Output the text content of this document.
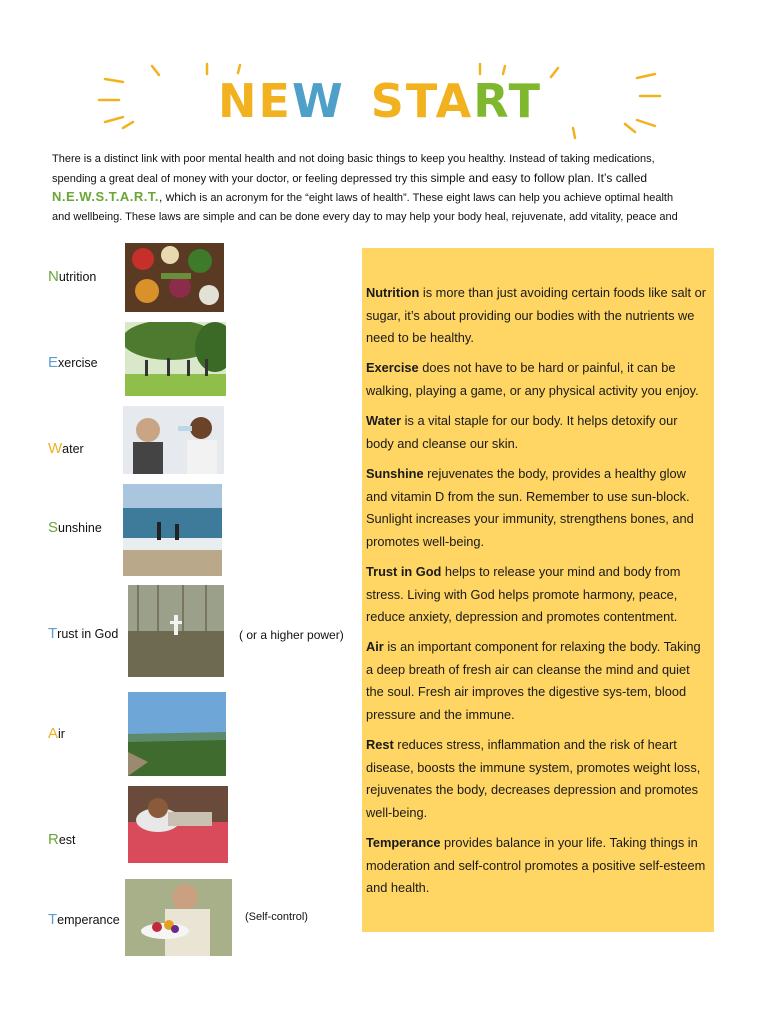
NEW START
There is a distinct link with poor mental health and not doing basic things to keep you healthy. Instead of taking medications,
spending a great deal of money with your doctor, or feeling depressed try this simple and easy to follow plan. It’s called
N.E.W.S.T.A.R.T., which is an acronym for the “eight laws of health”. These eight laws can help you achieve optimal health
and wellbeing. These laws are simple and can be done every day to may help your body heal, rejuvenate, add vitality, peace and
Nutrition
Exercise
Water
Sunshine
Trust in God
Air
Rest
Temperance
( or a higher power)
(Self-control)

Nutrition is more than just avoiding certain foods like salt or sugar, it’s about providing our bodies with the nutrients we need to be healthy.

Exercise does not have to be hard or painful, it can be walking, playing a game, or any physical activity you enjoy.

Water is a vital staple for our body. It helps detoxify our body and cleanse our skin.

Sunshine rejuvenates the body, provides a healthy glow and vitamin D from the sun. Remember to use sun-block. Sunlight increases your immunity, strengthens bones, and promotes well-being.

Trust in God helps to release your mind and body from stress. Living with God helps promote harmony, peace, reduce anxiety, depression and promotes contentment.

Air is an important component for relaxing the body. Taking a deep breath of fresh air can cleanse the mind and quiet the soul. Fresh air improves the digestive sys-tem, blood pressure and the immune.

Rest reduces stress, inflammation and the risk of heart disease, boosts the immune system, promotes weight loss, rejuvenates the body, decreases depression and promotes well-being.

Temperance provides balance in your life. Taking things in moderation and self-control promotes a positive self-esteem and health.
